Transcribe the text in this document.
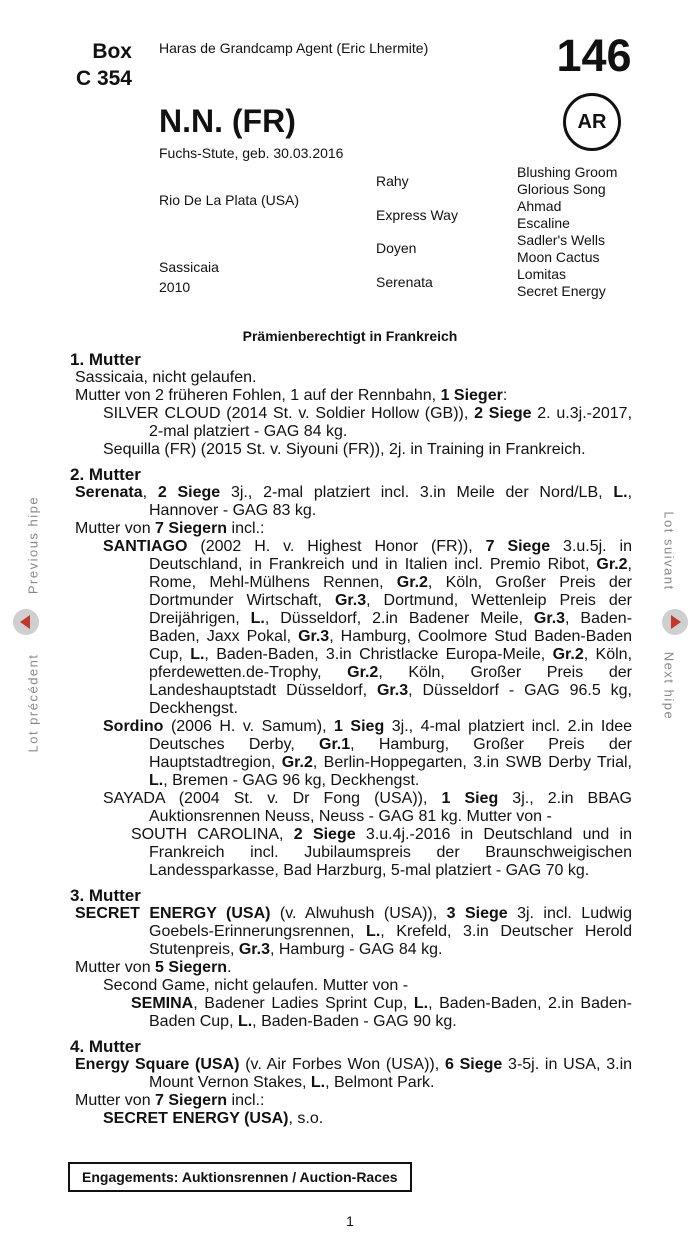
Box
C 354
Haras de Grandcamp Agent (Eric Lhermite)	146
AR
N.N. (FR)
Fuchs-Stute, geb. 30.03.2016
Rio De La Plata (USA)
Sassicaia
2010
Rahy
Express Way
Doyen
Serenata
Blushing Groom
Glorious Song
Ahmad
Escaline
Sadler's Wells
Moon Cactus
Lomitas
Secret Energy
Prämienberechtigt in Frankreich
1. Mutter
Sassicaia, nicht gelaufen.
Mutter von 2 früheren Fohlen, 1 auf der Rennbahn, 1 Sieger:
SILVER CLOUD (2014 St. v. Soldier Hollow (GB)), 2 Siege 2. u.3j.-2017, 2-mal platziert - GAG 84 kg.
Sequilla (FR) (2015 St. v. Siyouni (FR)), 2j. in Training in Frankreich.
2. Mutter
Serenata, 2 Siege 3j., 2-mal platziert incl. 3.in Meile der Nord/LB, L., Hannover - GAG 83 kg.
Mutter von 7 Siegern incl.:
SANTIAGO (2002 H. v. Highest Honor (FR)), 7 Siege 3.u.5j. in Deutschland, in Frankreich und in Italien incl. Premio Ribot, Gr.2, Rome, Mehl-Mülhens Rennen, Gr.2, Köln, Großer Preis der Dortmunder Wirtschaft, Gr.3, Dortmund, Wettenleip Preis der Dreijährigen, L., Düsseldorf, 2.in Badener Meile, Gr.3, Baden-Baden, Jaxx Pokal, Gr.3, Hamburg, Coolmore Stud Baden-Baden Cup, L., Baden-Baden, 3.in Christlacke Europa-Meile, Gr.2, Köln, pferdewetten.de-Trophy, Gr.2, Köln, Großer Preis der Landeshauptstadt Düsseldorf, Gr.3, Düsseldorf - GAG 96.5 kg, Deckhengst.
Sordino (2006 H. v. Samum), 1 Sieg 3j., 4-mal platziert incl. 2.in Idee Deutsches Derby, Gr.1, Hamburg, Großer Preis der Hauptstadtregion, Gr.2, Berlin-Hoppegarten, 3.in SWB Derby Trial, L., Bremen - GAG 96 kg, Deckhengst.
SAYADA (2004 St. v. Dr Fong (USA)), 1 Sieg 3j., 2.in BBAG Auktionsrennen Neuss, Neuss - GAG 81 kg. Mutter von -
SOUTH CAROLINA, 2 Siege 3.u.4j.-2016 in Deutschland und in Frankreich incl. Jubilaumspreis der Braunschweigischen Landessparkasse, Bad Harzburg, 5-mal platziert - GAG 70 kg.
3. Mutter
SECRET ENERGY (USA) (v. Alwuhush (USA)), 3 Siege 3j. incl. Ludwig Goebels-Erinnerungsrennen, L., Krefeld, 3.in Deutscher Herold Stutenpreis, Gr.3, Hamburg - GAG 84 kg.
Mutter von 5 Siegern.
Second Game, nicht gelaufen. Mutter von -
SEMINA, Badener Ladies Sprint Cup, L., Baden-Baden, 2.in Baden-Baden Cup, L., Baden-Baden - GAG 90 kg.
4. Mutter
Energy Square (USA) (v. Air Forbes Won (USA)), 6 Siege 3-5j. in USA, 3.in Mount Vernon Stakes, L., Belmont Park.
Mutter von 7 Siegern incl.:
SECRET ENERGY (USA), s.o.
Engagements: Auktionsrennen / Auction-Races
1
Previous hipe
Lot précédent
Lot suivant
Next hipe
